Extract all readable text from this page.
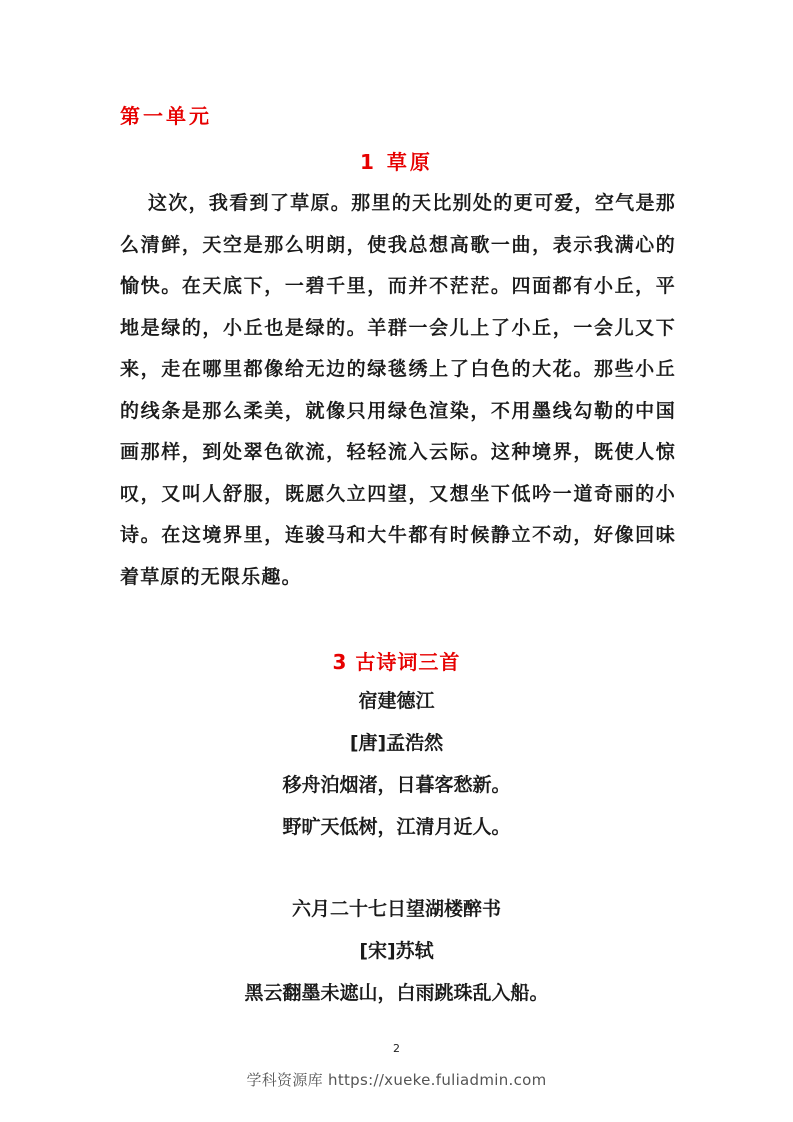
第一单元
1 草原

这次，我看到了草原。那里的天比别处的更可爱，空气是那么清鲜，天空是那么明朗，使我总想高歌一曲，表示我满心的愉快。在天底下，一碧千里，而并不茫茫。四面都有小丘，平地是绿的，小丘也是绿的。羊群一会儿上了小丘，一会儿又下来，走在哪里都像给无边的绿毯绣上了白色的大花。那些小丘的线条是那么柔美，就像只用绿色渲染，不用墨线勾勒的中国画那样，到处翠色欲流，轻轻流入云际。这种境界，既使人惊叹，又叫人舒服，既愿久立四望，又想坐下低吟一道奇丽的小诗。在这境界里，连骏马和大牛都有时候静立不动，好像回味着草原的无限乐趣。

3 古诗词三首

宿建德江

[唐]孟浩然

移舟泊烟渚，日暮客愁新。

野旷天低树，江清月近人。

六月二十七日望湖楼醉书

[宋]苏轼

黑云翻墨未遮山，白雨跳珠乱入船。

2
学科资源库 https://xueke.fuliadmin.com
